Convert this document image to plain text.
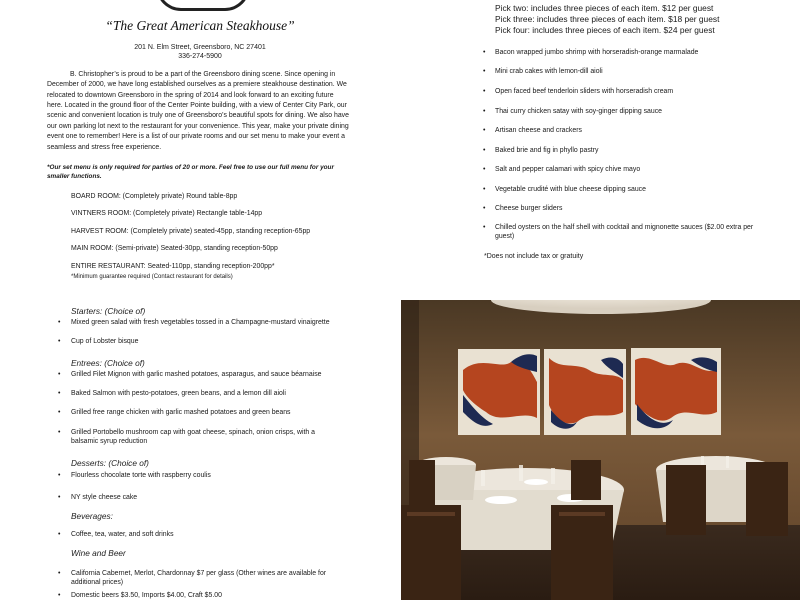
“The Great American Steakhouse”
201 N. Elm Street, Greensboro, NC 27401
336-274-5900

B. Christopher’s is proud to be a part of the Greensboro dining scene. Since opening in December of 2000, we have long established ourselves as a premiere steakhouse destination. We relocated to downtown Greensboro in the spring of 2014 and look forward to an exciting future here. Located in the ground floor of the Center Pointe building, with a view of Center City Park, our scenic and convenient location is truly one of Greensboro’s beautiful spots for dining. We also have our own parking lot next to the restaurant for your convenience. This year, make your private dining event one to remember! Here is a list of our private rooms and our set menu to make your event a seamless and stress free experience.

*Our set menu is only required for parties of 20 or more. Feel free to use our full menu for your smaller functions.

BOARD ROOM: (Completely private) Round table-8pp
VINTNERS ROOM: (Completely private) Rectangle table-14pp
HARVEST ROOM: (Completely private) seated-45pp, standing reception-65pp
MAIN ROOM: (Semi-private) Seated-30pp, standing reception-50pp
ENTIRE RESTAURANT: Seated-110pp, standing reception-200pp*
*Minimum guarantee required (Contact restaurant for details)
Starters: (Choice of)
• Mixed green salad with fresh vegetables tossed in a Champagne-mustard vinaigrette
• Cup of Lobster bisque
Entrees: (Choice of)
• Grilled Filet Mignon with garlic mashed potatoes, asparagus, and sauce béarnaise
• Baked Salmon with pesto-potatoes, green beans, and a lemon dill aioli
• Grilled free range chicken with garlic mashed potatoes and green beans
• Grilled Portobello mushroom cap with goat cheese, spinach, onion crisps, with a balsamic syrup reduction
Desserts: (Choice of)
• Flourless chocolate torte with raspberry coulis
• NY style cheese cake
Beverages:
• Coffee, tea, water, and soft drinks
Wine and Beer
• California Cabernet, Merlot, Chardonnay $7 per glass (Other wines are available for additional prices)
• Domestic beers $3.50, Imports $4.00, Craft $5.00
Pick two: includes three pieces of each item. $12 per guest
Pick three: includes three pieces of each item. $18 per guest
Pick four: includes three pieces of each item. $24 per guest
• Bacon wrapped jumbo shrimp with horseradish-orange marmalade
• Mini crab cakes with lemon-dill aioli
• Open faced beef tenderloin sliders with horseradish cream
• Thai curry chicken satay with soy-ginger dipping sauce
• Artisan cheese and crackers
• Baked brie and fig in phyllo pastry
• Salt and pepper calamari with spicy chive mayo
• Vegetable crudité with blue cheese dipping sauce
• Cheese burger sliders
• Chilled oysters on the half shell with cocktail and mignonette sauces ($2.00 extra per guest)
*Does not include tax or gratuity
